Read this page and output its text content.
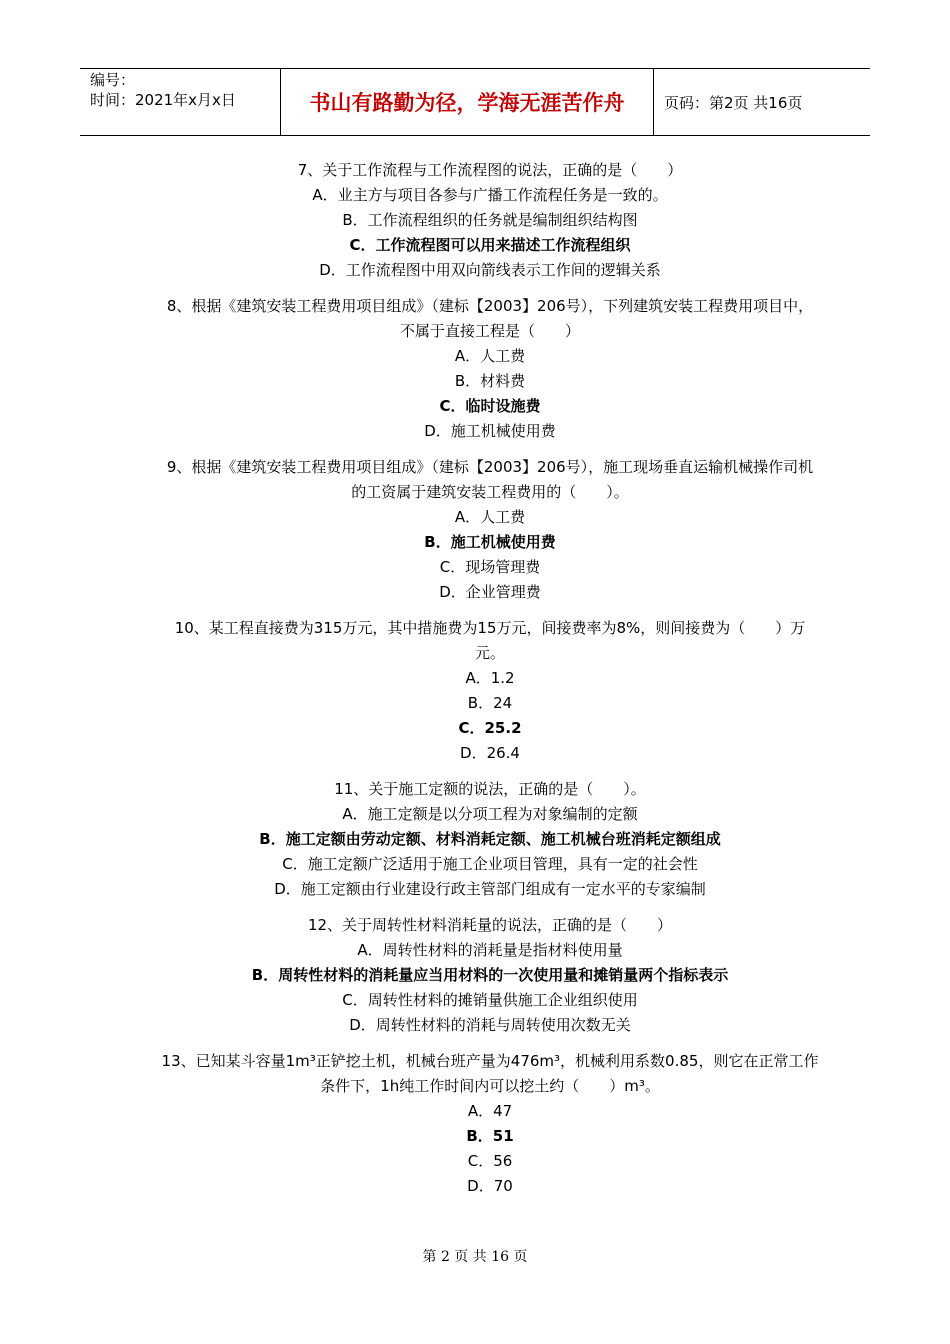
编号：
时间：2021年x月x日	书山有路勤为径，学海无涯苦作舟	页码：第2页 共16页
7、关于工作流程与工作流程图的说法，正确的是（　　）
A．业主方与项目各参与广播工作流程任务是一致的。
B．工作流程组织的任务就是编制组织结构图
C．工作流程图可以用来描述工作流程组织
D．工作流程图中用双向箭线表示工作间的逻辑关系
8、根据《建筑安装工程费用项目组成》（建标【2003】206号），下列建筑安装工程费用项目中，不属于直接工程是（　　）
A．人工费
B．材料费
C．临时设施费
D．施工机械使用费
9、根据《建筑安装工程费用项目组成》（建标【2003】206号），施工现场垂直运输机械操作司机的工资属于建筑安装工程费用的（　　）。
A．人工费
B．施工机械使用费
C．现场管理费
D．企业管理费
10、某工程直接费为315万元，其中措施费为15万元，间接费率为8%，则间接费为（　　）万元。
A．1.2
B．24
C．25.2
D．26.4
11、关于施工定额的说法，正确的是（　　）。
A．施工定额是以分项工程为对象编制的定额
B．施工定额由劳动定额、材料消耗定额、施工机械台班消耗定额组成
C．施工定额广泛适用于施工企业项目管理，具有一定的社会性
D．施工定额由行业建设行政主管部门组成有一定水平的专家编制
12、关于周转性材料消耗量的说法，正确的是（　　）
A．周转性材料的消耗量是指材料使用量
B．周转性材料的消耗量应当用材料的一次使用量和摊销量两个指标表示
C．周转性材料的摊销量供施工企业组织使用
D．周转性材料的消耗与周转使用次数无关
13、已知某斗容量1m³正铲挖土机，机械台班产量为476m³，机械利用系数0.85，则它在正常工作条件下，1h纯工作时间内可以挖土约（　　）m³。
A．47
B．51
C．56
D．70
第 2 页 共 16 页
